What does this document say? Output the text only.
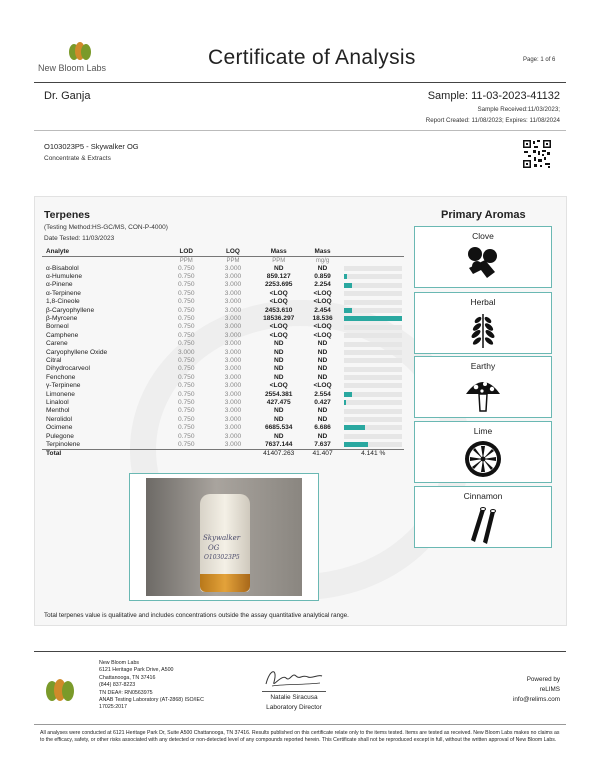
New Bloom Labs	Certificate of Analysis	Page: 1 of 6
Dr. Ganja	Sample: 11-03-2023-41132
Sample Received:11/03/2023;
Report Created: 11/08/2023; Expires: 11/08/2024
O103023P5 - Skywalker OG
Concentrate & Extracts
Terpenes
(Testing Method:HS-GC/MS, CON-P-4000)
Date Tested: 11/03/2023
Analyte	LOD	LOQ	Mass	Mass	
	PPM	PPM	PPM	mg/g	
α-Bisabolol	0.750	3.000	ND	ND	

α-Humulene	0.750	3.000	859.127	0.859	

α-Pinene	0.750	3.000	2253.695	2.254	

α-Terpinene	0.750	3.000	<LOQ	<LOQ	

1,8-Cineole	0.750	3.000	<LOQ	<LOQ	

β-Caryophyllene	0.750	3.000	2453.610	2.454	

β-Myrcene	0.750	3.000	18536.297	18.536	

Borneol	0.750	3.000	<LOQ	<LOQ	

Camphene	0.750	3.000	<LOQ	<LOQ	

Carene	0.750	3.000	ND	ND	

Caryophyllene Oxide	3.000	3.000	ND	ND	

Citral	0.750	3.000	ND	ND	

Dihydrocarveol	0.750	3.000	ND	ND	

Fenchone	0.750	3.000	ND	ND	

γ-Terpinene	0.750	3.000	<LOQ	<LOQ	

Limonene	0.750	3.000	2554.381	2.554	

Linalool	0.750	3.000	427.475	0.427	

Menthol	0.750	3.000	ND	ND	

Nerolidol	0.750	3.000	ND	ND	

Ocimene	0.750	3.000	6685.534	6.686	

Pulegone	0.750	3.000	ND	ND	

Terpinolene	0.750	3.000	7637.144	7.637	

Total			41407.263	41.407	4.141 %
Primary Aromas
Clove
Herbal
Earthy
Lime
Cinnamon
Skywalker
OG
O103023P5
Total terpenes value is qualitative and includes concentrations outside the assay quantitative analytical range.
New Bloom Labs
6121 Heritage Park Drive, A500
Chattanooga, TN 37416
(844) 837-8223
TN DEA#: RN0563975
ANAB Testing Laboratory (AT-2868) ISO/IEC
17025:2017
Natalie Siracusa
Laboratory Director
Powered by
reLIMS
info@relims.com
All analyses were conducted at 6121 Heritage Park Dr, Suite A500 Chattanooga, TN 37416. Results published on this certificate relate only to the items tested. Items are tested as received. New Bloom Labs makes no claims as to the efficacy, safety, or other risks associated with any detected or non-detected level of any compounds reported herein. This Certificate shall not be reproduced except in full, without the written approval of New Bloom Labs.
